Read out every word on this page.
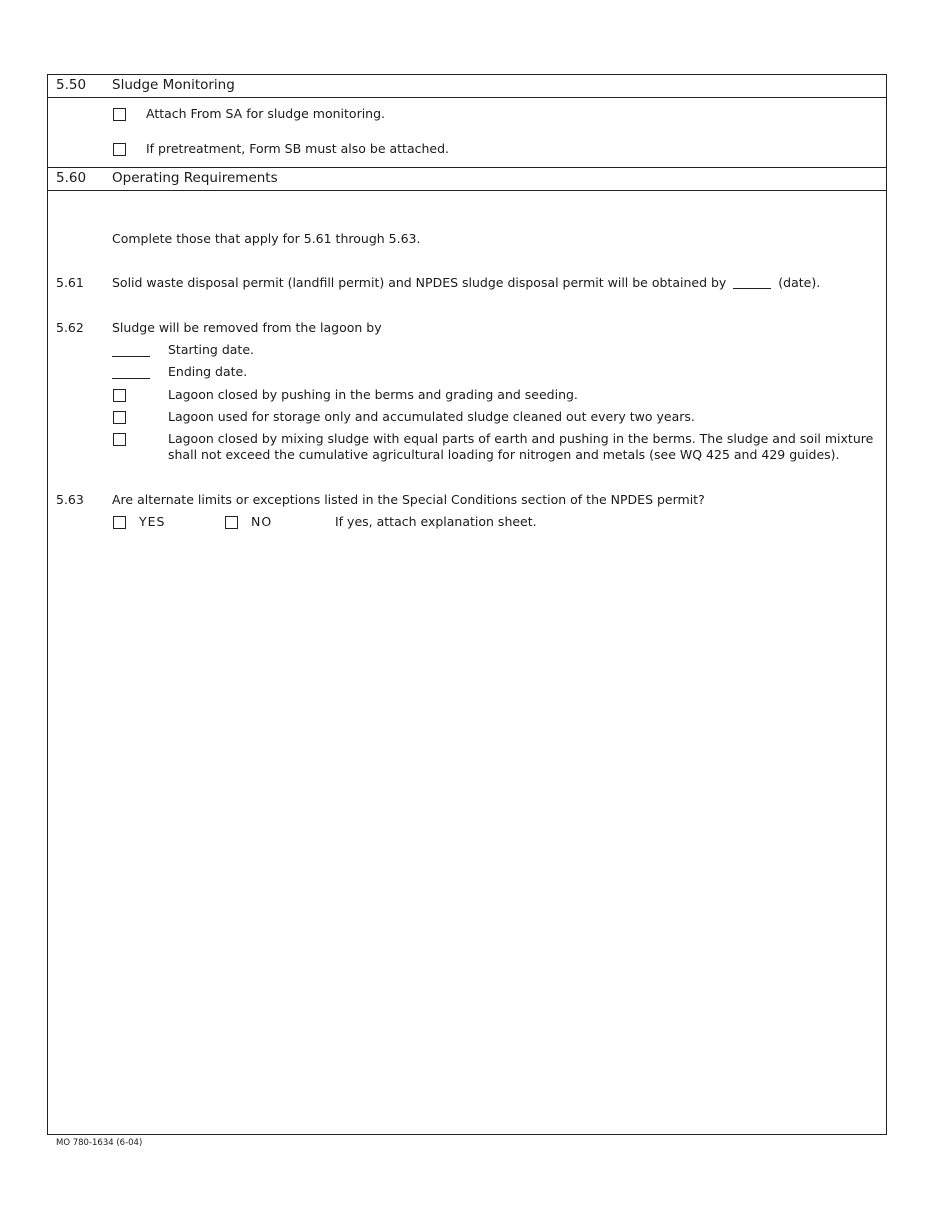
5.50 Sludge Monitoring
Attach From SA for sludge monitoring.
If pretreatment, Form SB must also be attached.
5.60 Operating Requirements
Complete those that apply for 5.61 through 5.63.
5.61 Solid waste disposal permit (landfill permit) and NPDES sludge disposal permit will be obtained by	(date).
5.62 Sludge will be removed from the lagoon by
Starting date.
Ending date.
Lagoon closed by pushing in the berms and grading and seeding.
Lagoon used for storage only and accumulated sludge cleaned out every two years.
Lagoon closed by mixing sludge with equal parts of earth and pushing in the berms. The sludge and soil mixture
shall not exceed the cumulative agricultural loading for nitrogen and metals (see WQ 425 and 429 guides).
5.63 Are alternate limits or exceptions listed in the Special Conditions section of the NPDES permit?
YES	NO	If yes, attach explanation sheet.
MO 780-1634 (6-04)
